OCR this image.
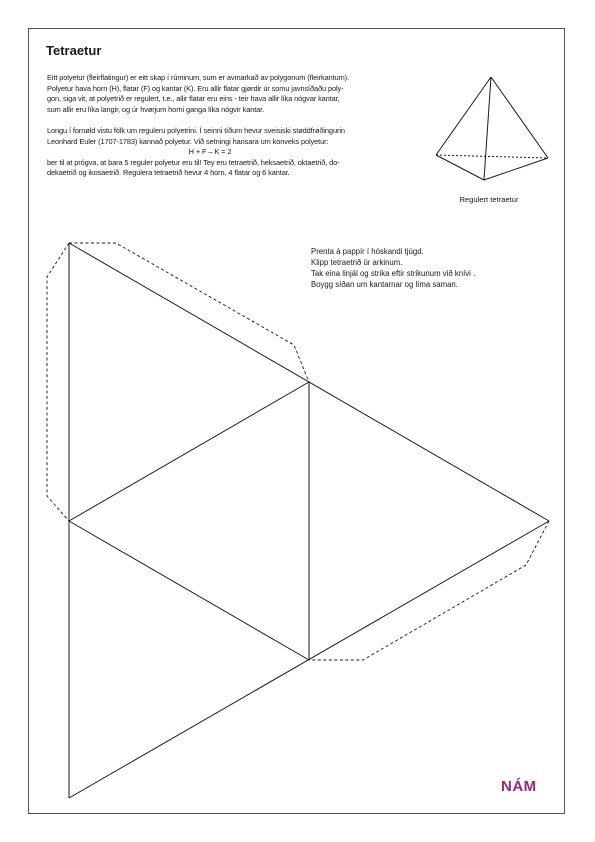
Tetraetur

Eitt polyetur (fleirflatingur) er eitt skap í rúminum, sum er avmarkað av polygonum (fleirkantum).
Polyetur hava horn (H), flatar (F) og kantar (K). Eru allir flatar gjørdir úr somu javnsíðaðu poly-
gon, siga vit, at polyetrið er regulert, t.e., allir flatar eru eins - teir hava allir líka nógvar kantar,
sum allir eru líka langir, og úr hvørjum horni ganga líka nógvir kantar.

Longu í fornøld vistu fólk um reguleru polyetrini. Í seinni tíðum hevur sveisiski støddfrøðingurin
Leonhard Euler (1707-1783) kannað polyetur. Við setningi hansara um konveks polyetur:

H + F – K = 2
ber til at prógva, at bara 5 reguler polyetur eru til! Tey eru tetraetrið, heksaetrið, oktaetrið, do-
dekaetrið og ikosaetrið. Regulera tetraetrið hevur 4 horn, 4 flatar og 6 kantar.

Regulert tetraetur
Prenta á pappír í hóskandi tjúgd.
Klipp tetraetrið úr arkinum.
Tak eina linjál og strika eftir strikunum við knívi .
Boygg síðan um kantarnar og líma saman.
NÁM
